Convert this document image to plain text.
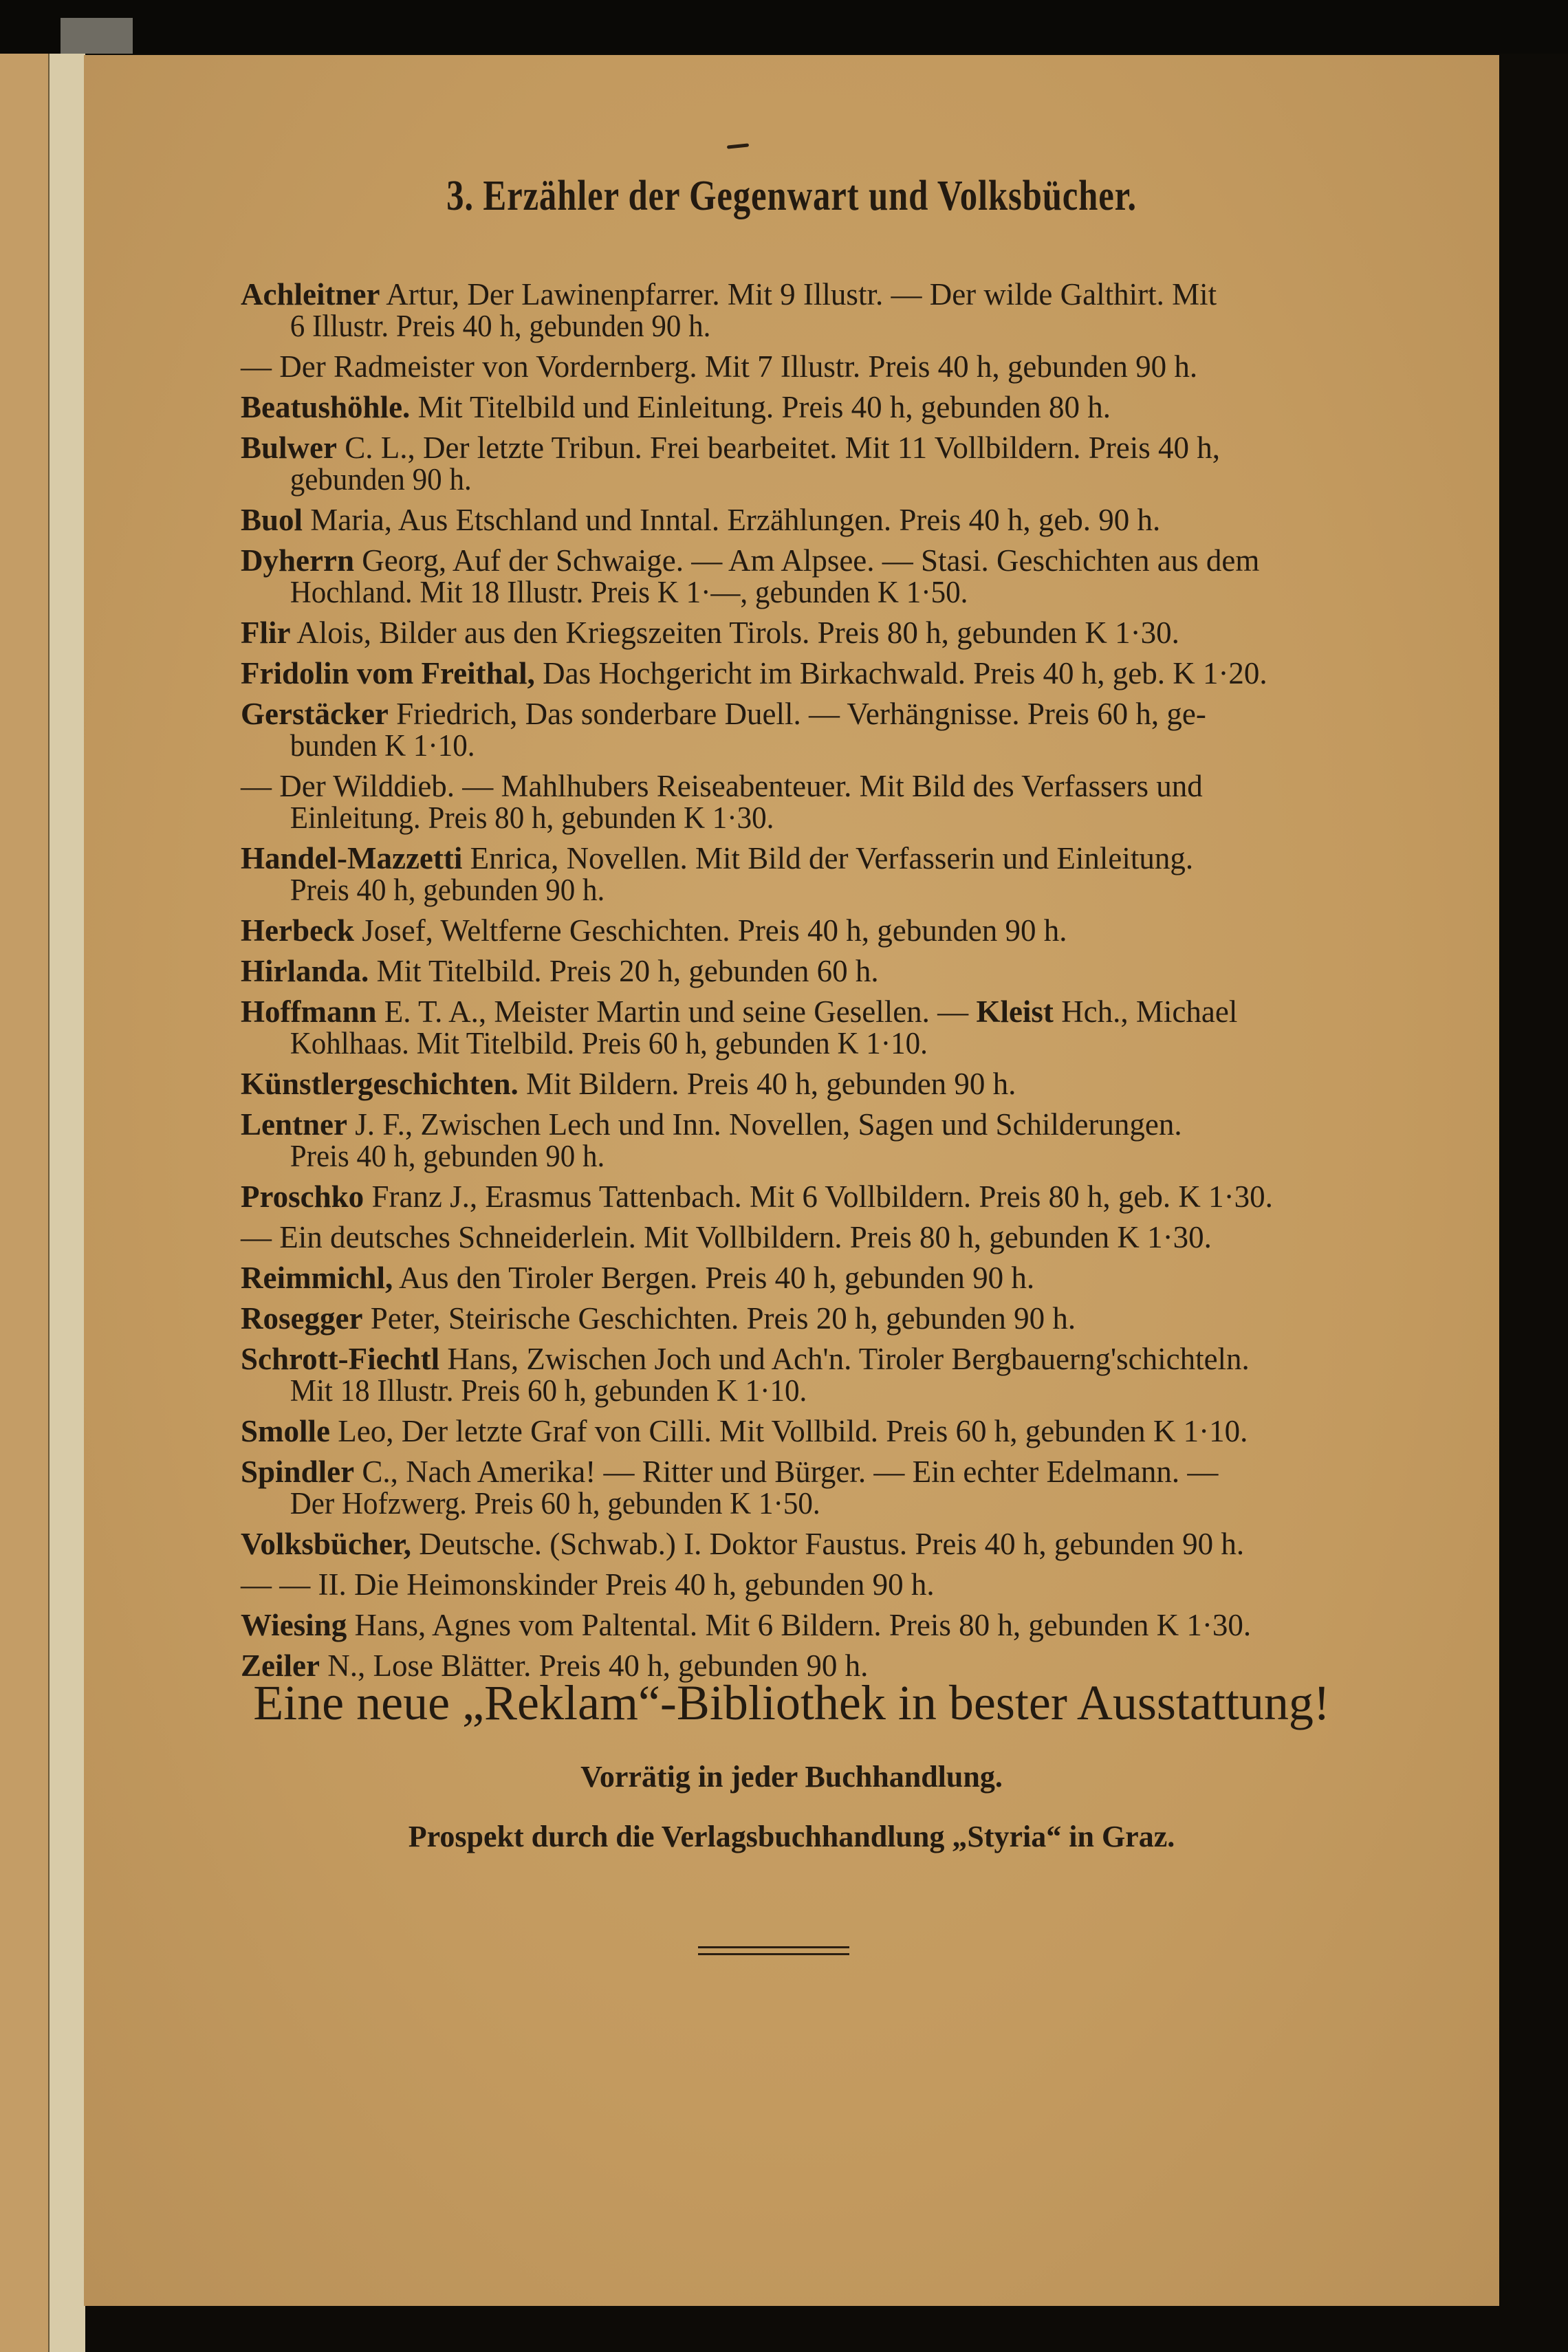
3. Erzähler der Gegenwart und Volksbücher.
Achleitner Artur, Der Lawinenpfarrer. Mit 9 Illustr. — Der wilde Galthirt. Mit
6 Illustr. Preis 40 h, gebunden 90 h.
— Der Radmeister von Vordernberg. Mit 7 Illustr. Preis 40 h, gebunden 90 h.
Beatushöhle. Mit Titelbild und Einleitung. Preis 40 h, gebunden 80 h.
Bulwer C. L., Der letzte Tribun. Frei bearbeitet. Mit 11 Vollbildern. Preis 40 h,
gebunden 90 h.
Buol Maria, Aus Etschland und Inntal. Erzählungen. Preis 40 h, geb. 90 h.
Dyherrn Georg, Auf der Schwaige. — Am Alpsee. — Stasi. Geschichten aus dem
Hochland. Mit 18 Illustr. Preis K 1·—, gebunden K 1·50.
Flir Alois, Bilder aus den Kriegszeiten Tirols. Preis 80 h, gebunden K 1·30.
Fridolin vom Freithal, Das Hochgericht im Birkachwald. Preis 40 h, geb. K 1·20.
Gerstäcker Friedrich, Das sonderbare Duell. — Verhängnisse. Preis 60 h, ge-
bunden K 1·10.
— Der Wilddieb. — Mahlhubers Reiseabenteuer. Mit Bild des Verfassers und
Einleitung. Preis 80 h, gebunden K 1·30.
Handel-Mazzetti Enrica, Novellen. Mit Bild der Verfasserin und Einleitung.
Preis 40 h, gebunden 90 h.
Herbeck Josef, Weltferne Geschichten. Preis 40 h, gebunden 90 h.
Hirlanda. Mit Titelbild. Preis 20 h, gebunden 60 h.
Hoffmann E. T. A., Meister Martin und seine Gesellen. — Kleist Hch., Michael
Kohlhaas. Mit Titelbild. Preis 60 h, gebunden K 1·10.
Künstlergeschichten. Mit Bildern. Preis 40 h, gebunden 90 h.
Lentner J. F., Zwischen Lech und Inn. Novellen, Sagen und Schilderungen.
Preis 40 h, gebunden 90 h.
Proschko Franz J., Erasmus Tattenbach. Mit 6 Vollbildern. Preis 80 h, geb. K 1·30.
— Ein deutsches Schneiderlein. Mit Vollbildern. Preis 80 h, gebunden K 1·30.
Reimmichl, Aus den Tiroler Bergen. Preis 40 h, gebunden 90 h.
Rosegger Peter, Steirische Geschichten. Preis 20 h, gebunden 90 h.
Schrott-Fiechtl Hans, Zwischen Joch und Ach'n. Tiroler Bergbauerng'schichteln.
Mit 18 Illustr. Preis 60 h, gebunden K 1·10.
Smolle Leo, Der letzte Graf von Cilli. Mit Vollbild. Preis 60 h, gebunden K 1·10.
Spindler C., Nach Amerika! — Ritter und Bürger. — Ein echter Edelmann. —
Der Hofzwerg. Preis 60 h, gebunden K 1·50.
Volksbücher, Deutsche. (Schwab.) I. Doktor Faustus. Preis 40 h, gebunden 90 h.
— — II. Die Heimonskinder Preis 40 h, gebunden 90 h.
Wiesing Hans, Agnes vom Paltental. Mit 6 Bildern. Preis 80 h, gebunden K 1·30.
Zeiler N., Lose Blätter. Preis 40 h, gebunden 90 h.
Eine neue „Reklam“-Bibliothek in bester Ausstattung!
Vorrätig in jeder Buchhandlung.
Prospekt durch die Verlagsbuchhandlung „Styria“ in Graz.
